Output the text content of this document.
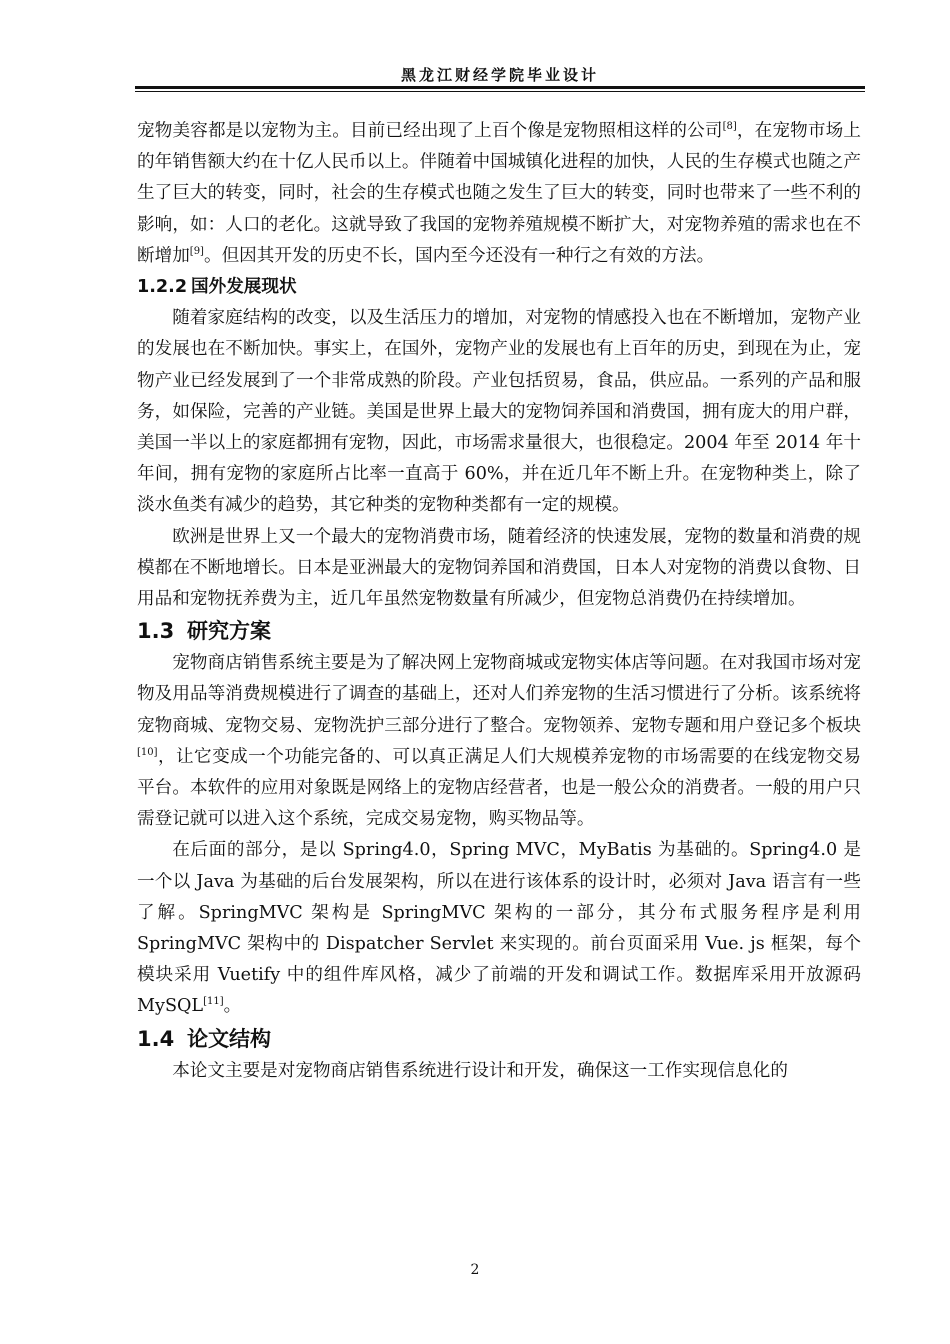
黑龙江财经学院毕业设计

宠物美容都是以宠物为主。目前已经出现了上百个像是宠物照相这样的公司[8]，在宠物市场上的年销售额大约在十亿人民币以上。伴随着中国城镇化进程的加快，人民的生存模式也随之产生了巨大的转变，同时，社会的生存模式也随之发生了巨大的转变，同时也带来了一些不利的影响，如：人口的老化。这就导致了我国的宠物养殖规模不断扩大，对宠物养殖的需求也在不断增加[9]。但因其开发的历史不长，国内至今还没有一种行之有效的方法。

1.2.2 国外发展现状

随着家庭结构的改变，以及生活压力的增加，对宠物的情感投入也在不断增加，宠物产业的发展也在不断加快。事实上，在国外，宠物产业的发展也有上百年的历史，到现在为止，宠物产业已经发展到了一个非常成熟的阶段。产业包括贸易，食品，供应品。一系列的产品和服务，如保险，完善的产业链。美国是世界上最大的宠物饲养国和消费国，拥有庞大的用户群，美国一半以上的家庭都拥有宠物，因此，市场需求量很大，也很稳定。2004 年至 2014 年十年间，拥有宠物的家庭所占比率一直高于 60%，并在近几年不断上升。在宠物种类上，除了淡水鱼类有减少的趋势，其它种类的宠物种类都有一定的规模。

欧洲是世界上又一个最大的宠物消费市场，随着经济的快速发展，宠物的数量和消费的规模都在不断地增长。日本是亚洲最大的宠物饲养国和消费国，日本人对宠物的消费以食物、日用品和宠物抚养费为主，近几年虽然宠物数量有所减少，但宠物总消费仍在持续增加。

1.3 研究方案

宠物商店销售系统主要是为了解决网上宠物商城或宠物实体店等问题。在对我国市场对宠物及用品等消费规模进行了调查的基础上，还对人们养宠物的生活习惯进行了分析。该系统将宠物商城、宠物交易、宠物洗护三部分进行了整合。宠物领养、宠物专题和用户登记多个板块[10]，让它变成一个功能完备的、可以真正满足人们大规模养宠物的市场需要的在线宠物交易平台。本软件的应用对象既是网络上的宠物店经营者，也是一般公众的消费者。一般的用户只需登记就可以进入这个系统，完成交易宠物，购买物品等。

在后面的部分，是以 Spring4.0，Spring MVC，MyBatis 为基础的。Spring4.0 是一个以 Java 为基础的后台发展架构，所以在进行该体系的设计时，必须对 Java 语言有一些了解。SpringMVC 架构是 SpringMVC 架构的一部分，其分布式服务程序是利用 SpringMVC 架构中的 Dispatcher Servlet 来实现的。前台页面采用 Vue. js 框架，每个模块采用 Vuetify 中的组件库风格，减少了前端的开发和调试工作。数据库采用开放源码 MySQL[11]。

1.4 论文结构

本论文主要是对宠物商店销售系统进行设计和开发，确保这一工作实现信息化的

2
